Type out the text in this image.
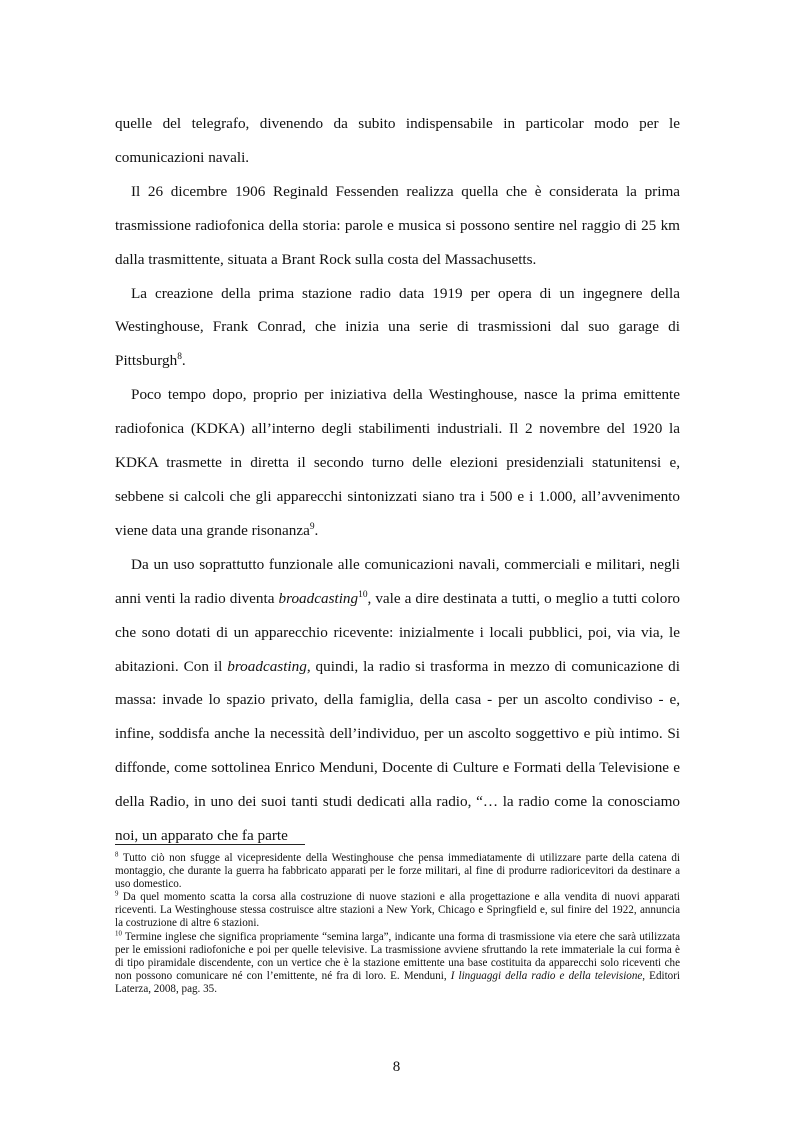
quelle del telegrafo, divenendo da subito indispensabile in particolar modo per le comunicazioni navali.

Il 26 dicembre 1906 Reginald Fessenden realizza quella che è considerata la prima trasmissione radiofonica della storia: parole e musica si possono sentire nel raggio di 25 km dalla trasmittente, situata a Brant Rock sulla costa del Massachusetts.

La creazione della prima stazione radio data 1919 per opera di un ingegnere della Westinghouse, Frank Conrad, che inizia una serie di trasmissioni dal suo garage di Pittsburgh$^8$.

Poco tempo dopo, proprio per iniziativa della Westinghouse, nasce la prima emittente radiofonica (KDKA) all’interno degli stabilimenti industriali. Il 2 novembre del 1920 la KDKA trasmette in diretta il secondo turno delle elezioni presidenziali statunitensi e, sebbene si calcoli che gli apparecchi sintonizzati siano tra i 500 e i 1.000, all’avvenimento viene data una grande risonanza$^9$.

Da un uso soprattutto funzionale alle comunicazioni navali, commerciali e militari, negli anni venti la radio diventa broadcasting$^{10}$, vale a dire destinata a tutti, o meglio a tutti coloro che sono dotati di un apparecchio ricevente: inizialmente i locali pubblici, poi, via via, le abitazioni. Con il broadcasting, quindi, la radio si trasforma in mezzo di comunicazione di massa: invade lo spazio privato, della famiglia, della casa - per un ascolto condiviso - e, infine, soddisfa anche la necessità dell’individuo, per un ascolto soggettivo e più intimo. Si diffonde, come sottolinea Enrico Menduni, Docente di Culture e Formati della Televisione e della Radio, in uno dei suoi tanti studi dedicati alla radio, “… la radio come la conosciamo noi, un apparato che fa parte

$^8$ Tutto ciò non sfugge al vicepresidente della Westinghouse che pensa immediatamente di utilizzare parte della catena di montaggio, che durante la guerra ha fabbricato apparati per le forze militari, al fine di produrre radioricevitori da destinare a uso domestico.

$^9$ Da quel momento scatta la corsa alla costruzione di nuove stazioni e alla progettazione e alla vendita di nuovi apparati riceventi. La Westinghouse stessa costruisce altre stazioni a New York, Chicago e Springfield e, sul finire del 1922, annuncia la costruzione di altre 6 stazioni.

$^{10}$ Termine inglese che significa propriamente “semina larga”, indicante una forma di trasmissione via etere che sarà utilizzata per le emissioni radiofoniche e poi per quelle televisive. La trasmissione avviene sfruttando la rete immateriale la cui forma è di tipo piramidale discendente, con un vertice che è la stazione emittente una base costituita da apparecchi solo riceventi che non possono comunicare né con l’emittente, né fra di loro. E. Menduni, I linguaggi della radio e della televisione, Editori Laterza, 2008, pag. 35.

8
